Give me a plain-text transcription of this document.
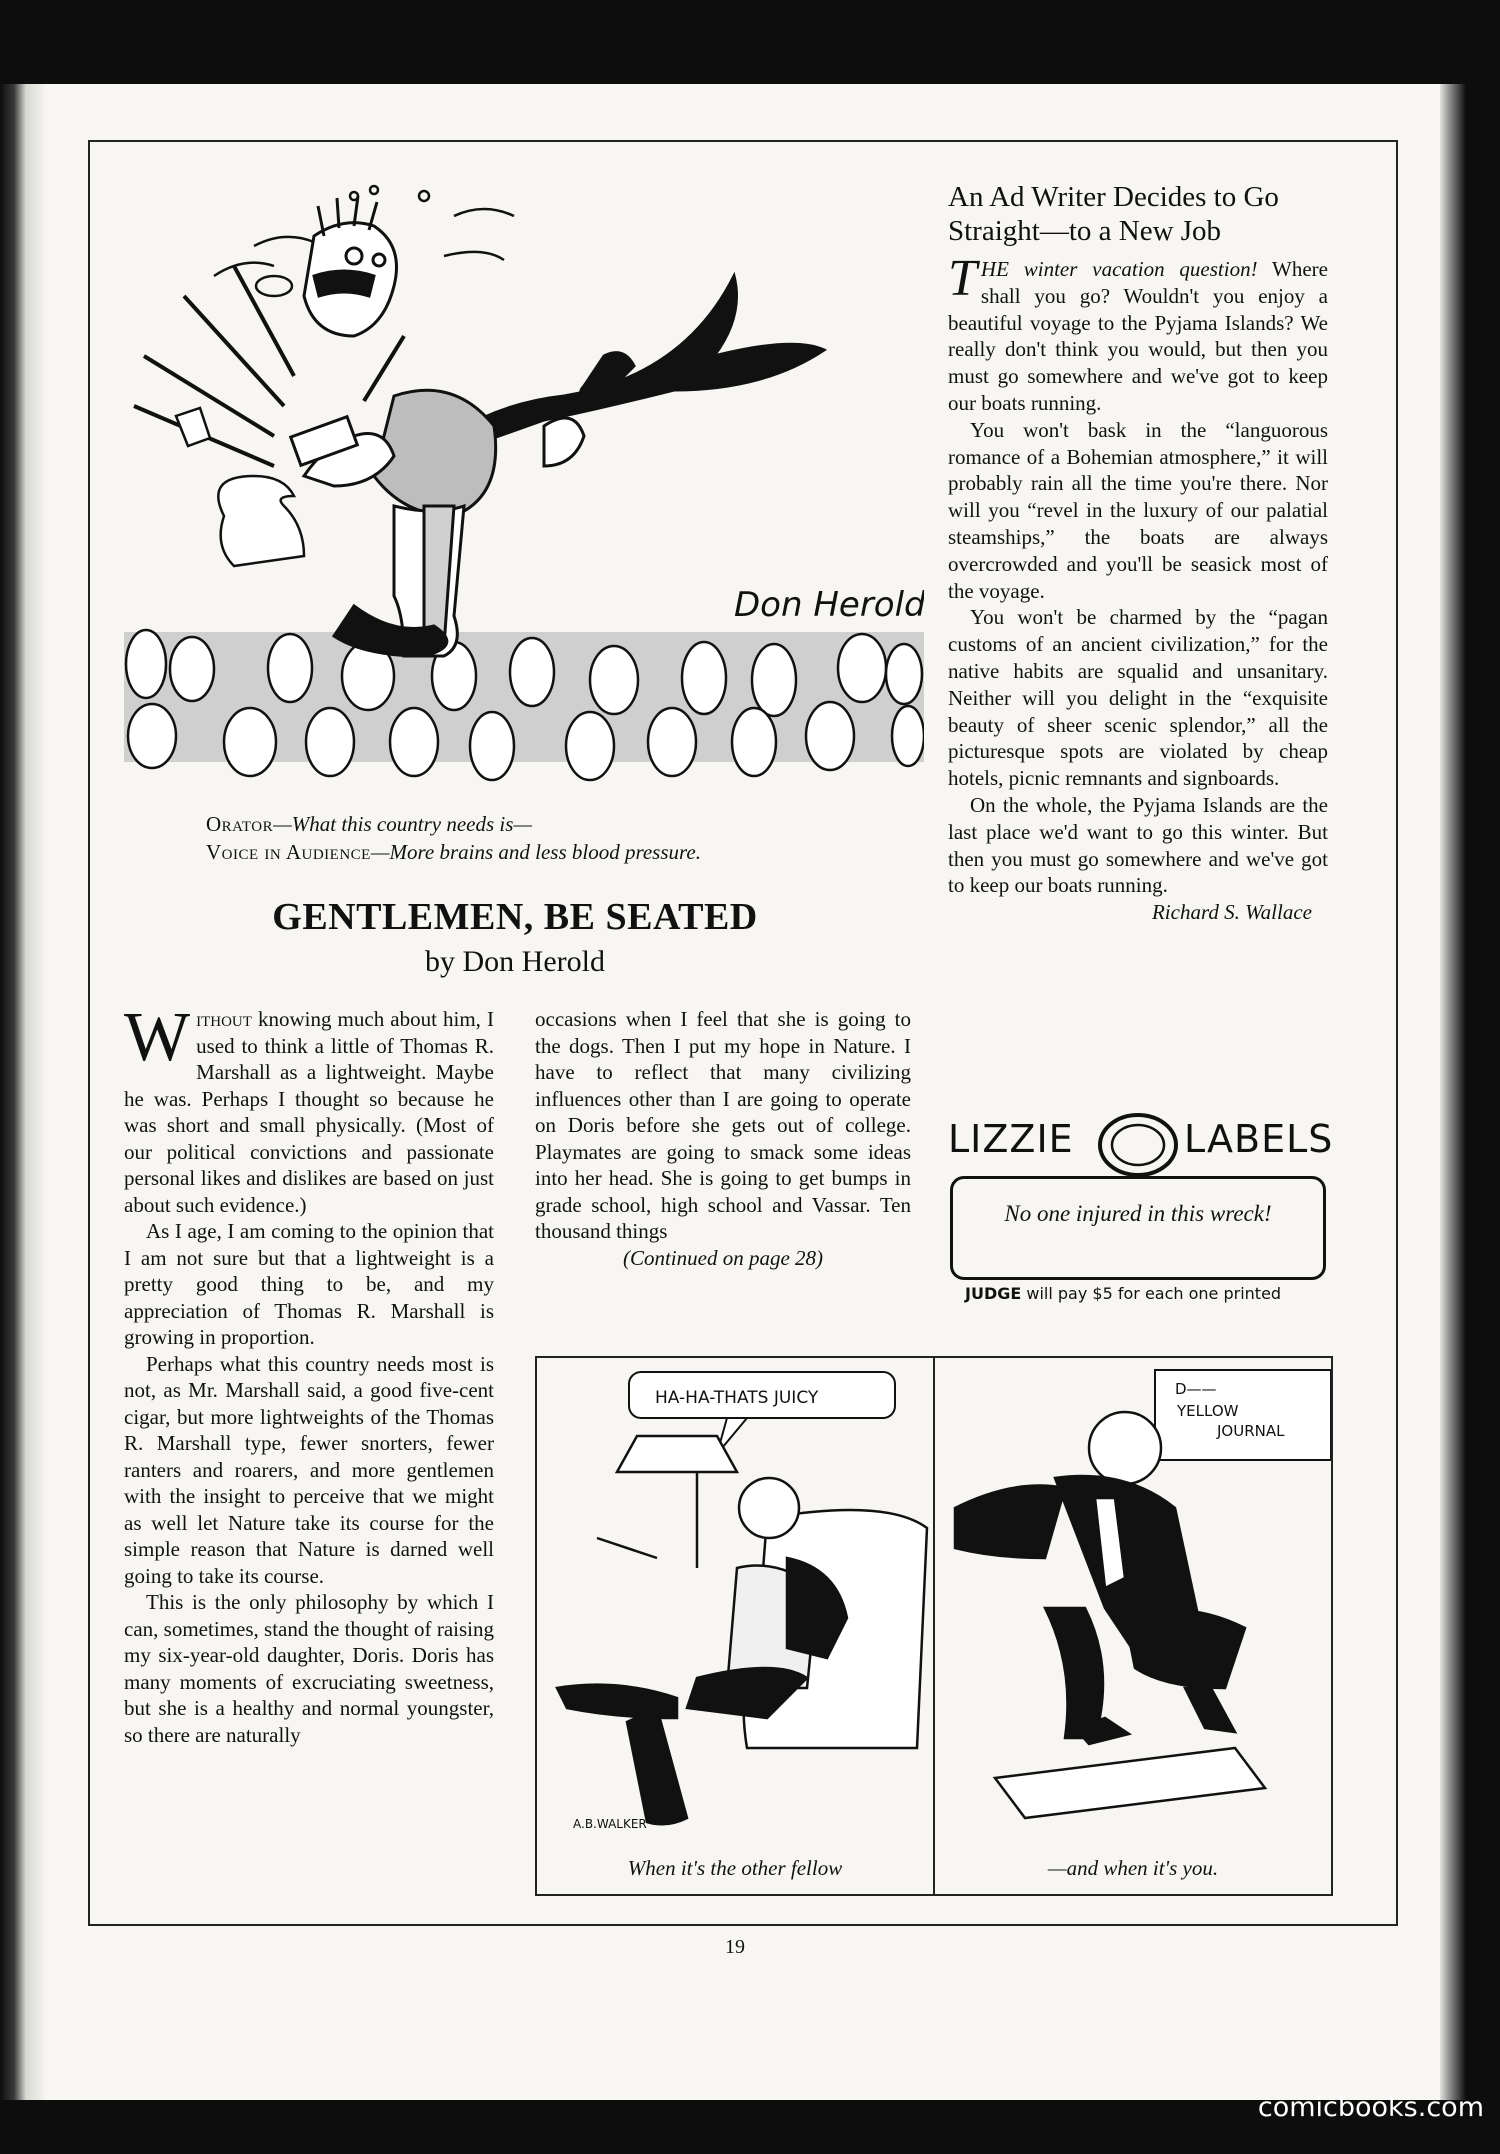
Don Herold
Orator—What this country needs is—
Voice in Audience—More brains and less blood pressure.
GENTLEMEN, BE SEATED
by Don Herold

Without knowing much about him, I used to think a little of Thomas R. Marshall as a lightweight. Maybe he was. Perhaps I thought so because he was short and small physically. (Most of our political convictions and passionate personal likes and dislikes are based on just about such evidence.)

As I age, I am coming to the opinion that I am not sure but that a lightweight is a pretty good thing to be, and my appreciation of Thomas R. Marshall is growing in proportion.

Perhaps what this country needs most is not, as Mr. Marshall said, a good five-cent cigar, but more lightweights of the Thomas R. Marshall type, fewer snorters, fewer ranters and roarers, and more gentlemen with the insight to perceive that we might as well let Nature take its course for the simple reason that Nature is darned well going to take its course.

This is the only philosophy by which I can, sometimes, stand the thought of raising my six-year-old daughter, Doris. Doris has many moments of excruciating sweetness, but she is a healthy and normal youngster, so there are naturally

occasions when I feel that she is going to the dogs. Then I put my hope in Nature. I have to reflect that many civilizing influences other than I are going to operate on Doris before she gets out of college. Playmates are going to smack some ideas into her head. She is going to get bumps in grade school, high school and Vassar. Ten thousand things

(Continued on page 28)
An Ad Writer Decides to Go Straight—to a New Job

THE winter vacation question! Where shall you go? Wouldn't you enjoy a beautiful voyage to the Pyjama Islands? We really don't think you would, but then you must go somewhere and we've got to keep our boats running.

You won't bask in the “languorous romance of a Bohemian atmosphere,” it will probably rain all the time you're there. Nor will you “revel in the luxury of our palatial steamships,” the boats are always overcrowded and you'll be seasick most of the voyage.

You won't be charmed by the “pagan customs of an ancient civilization,” for the native habits are squalid and unsanitary. Neither will you delight in the “exquisite beauty of sheer scenic splendor,” all the picturesque spots are violated by cheap hotels, picnic remnants and signboards.

On the whole, the Pyjama Islands are the last place we'd want to go this winter. But then you must go somewhere and we've got to keep our boats running.

Richard S. Wallace
LIZZIE	LABELS
No one injured in this wreck!
JUDGE will pay $5 for each one printed
HA-HA-THATS JUICY
A.B.WALKER
When it's the other fellow
D——
YELLOW
JOURNAL
—and when it's you.
19
comicbooks.com
